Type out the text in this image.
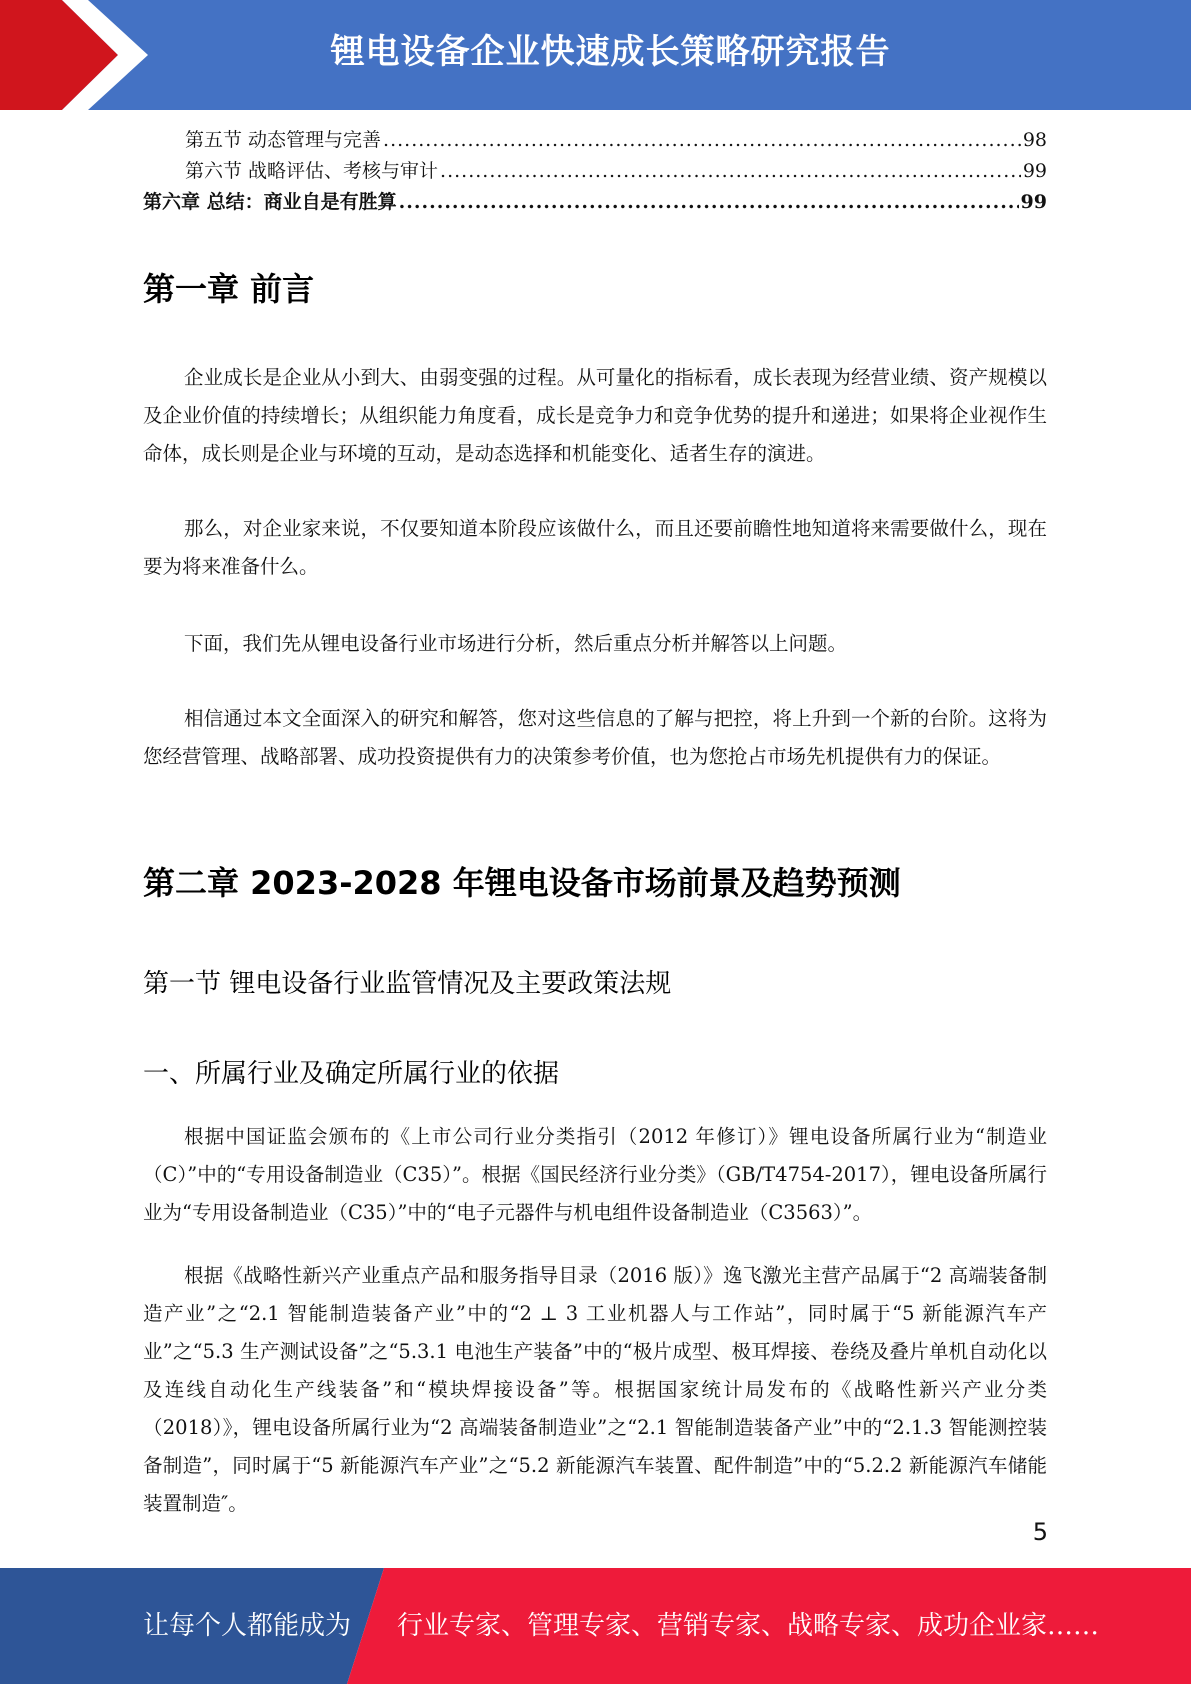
锂电设备企业快速成长策略研究报告
第五节 动态管理与完善 .....	98
第六节 战略评估、考核与审计 .....	99
第六章 总结：商业自是有胜算 .....	99
第一章 前言
企业成长是企业从小到大、由弱变强的过程。从可量化的指标看，成长表现为经营业绩、资产规模以及企业价值的持续增长；从组织能力角度看，成长是竞争力和竞争优势的提升和递进；如果将企业视作生命体，成长则是企业与环境的互动，是动态选择和机能变化、适者生存的演进。
那么，对企业家来说，不仅要知道本阶段应该做什么，而且还要前瞻性地知道将来需要做什么，现在要为将来准备什么。
下面，我们先从锂电设备行业市场进行分析，然后重点分析并解答以上问题。
相信通过本文全面深入的研究和解答，您对这些信息的了解与把控，将上升到一个新的台阶。这将为您经营管理、战略部署、成功投资提供有力的决策参考价值，也为您抢占市场先机提供有力的保证。
第二章 2023-2028 年锂电设备市场前景及趋势预测
第一节 锂电设备行业监管情况及主要政策法规
一、所属行业及确定所属行业的依据
根据中国证监会颁布的《上市公司行业分类指引（2012 年修订）》锂电设备所属行业为“制造业（C）”中的“专用设备制造业（C35）”。根据《国民经济行业分类》（GB/T4754-2017），锂电设备所属行业为“专用设备制造业（C35）”中的“电子元器件与机电组件设备制造业（C3563）”。
根据《战略性新兴产业重点产品和服务指导目录（2016 版）》逸飞激光主营产品属于“2 高端装备制造产业”之“2.1 智能制造装备产业”中的“2 ⊥ 3 工业机器人与工作站”，同时属于“5 新能源汽车产业”之“5.3 生产测试设备”之“5.3.1 电池生产装备”中的“极片成型、极耳焊接、卷绕及叠片单机自动化以及连线自动化生产线装备”和“模块焊接设备”等。根据国家统计局发布的《战略性新兴产业分类（2018）》，锂电设备所属行业为“2 高端装备制造业”之“2.1 智能制造装备产业”中的“2.1.3 智能测控装备制造”，同时属于“5 新能源汽车产业”之“5.2 新能源汽车装置、配件制造”中的“5.2.2 新能源汽车储能装置制造″。
5
让每个人都能成为 行业专家、管理专家、营销专家、战略专家、成功企业家……
